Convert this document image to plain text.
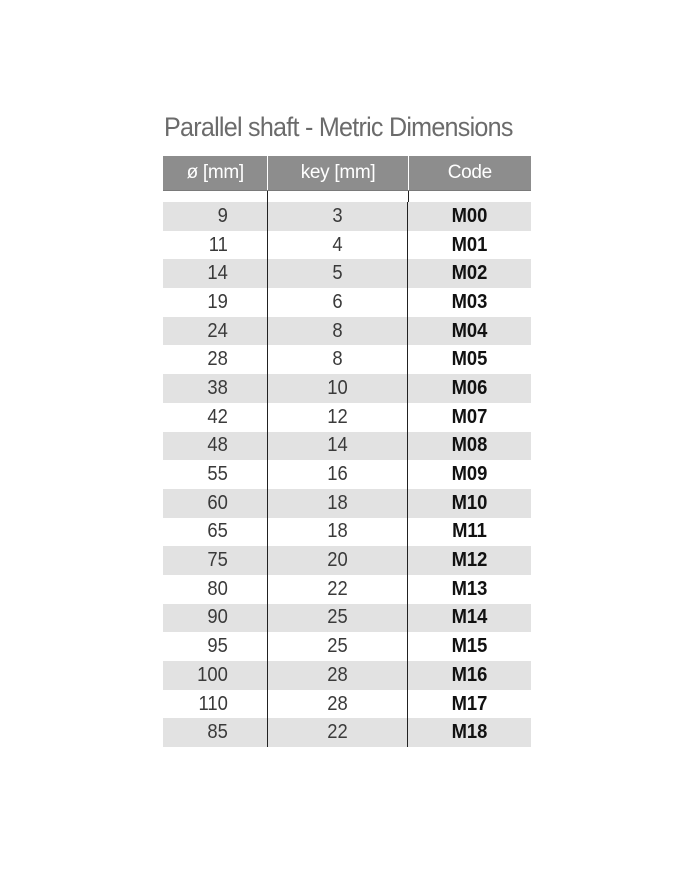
Parallel shaft - Metric Dimensions
ø [mm]	key [mm]	Code
9	3	M00
11	4	M01
14	5	M02
19	6	M03
24	8	M04
28	8	M05
38	10	M06
42	12	M07
48	14	M08
55	16	M09
60	18	M10
65	18	M11
75	20	M12
80	22	M13
90	25	M14
95	25	M15
100	28	M16
110	28	M17
85	22	M18
